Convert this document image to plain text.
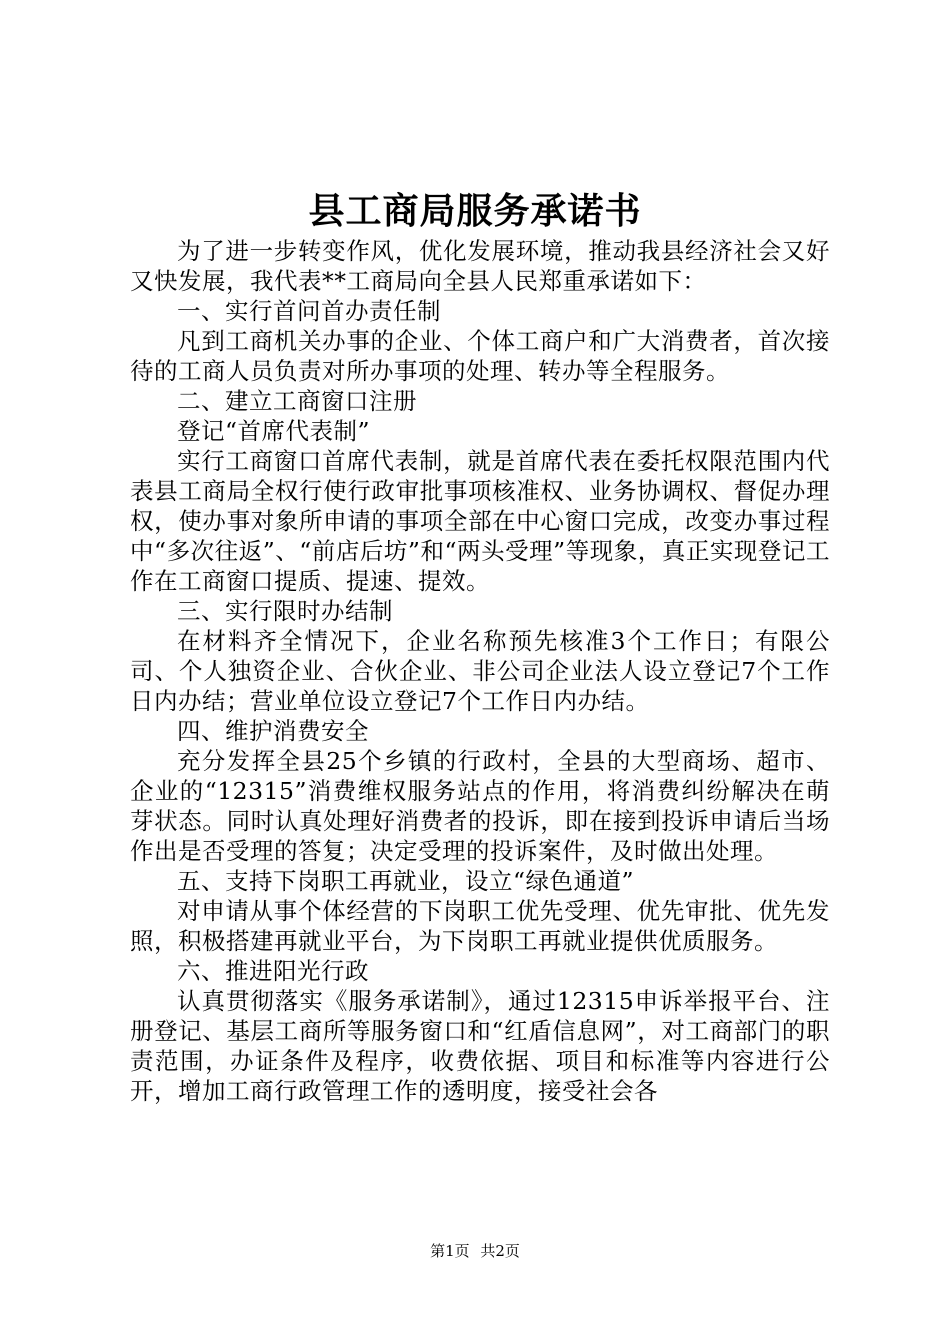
县工商局服务承诺书

为了进一步转变作风，优化发展环境，推动我县经济社会又好又快发展，我代表**工商局向全县人民郑重承诺如下：

一、实行首问首办责任制

凡到工商机关办事的企业、个体工商户和广大消费者，首次接待的工商人员负责对所办事项的处理、转办等全程服务。

二、建立工商窗口注册

登记“首席代表制”

实行工商窗口首席代表制，就是首席代表在委托权限范围内代表县工商局全权行使行政审批事项核准权、业务协调权、督促办理权，使办事对象所申请的事项全部在中心窗口完成，改变办事过程中“多次往返”、“前店后坊”和“两头受理”等现象，真正实现登记工作在工商窗口提质、提速、提效。

三、实行限时办结制

在材料齐全情况下，企业名称预先核准3个工作日；有限公司、个人独资企业、合伙企业、非公司企业法人设立登记7个工作日内办结；营业单位设立登记7个工作日内办结。

四、维护消费安全

充分发挥全县25个乡镇的行政村，全县的大型商场、超市、企业的“12315”消费维权服务站点的作用，将消费纠纷解决在萌芽状态。同时认真处理好消费者的投诉，即在接到投诉申请后当场作出是否受理的答复；决定受理的投诉案件，及时做出处理。

五、支持下岗职工再就业，设立“绿色通道”

对申请从事个体经营的下岗职工优先受理、优先审批、优先发照，积极搭建再就业平台，为下岗职工再就业提供优质服务。

六、推进阳光行政

认真贯彻落实《服务承诺制》，通过12315申诉举报平台、注册登记、基层工商所等服务窗口和“红盾信息网”，对工商部门的职责范围，办证条件及程序，收费依据、项目和标准等内容进行公开，增加工商行政管理工作的透明度，接受社会各

第1页 共2页
